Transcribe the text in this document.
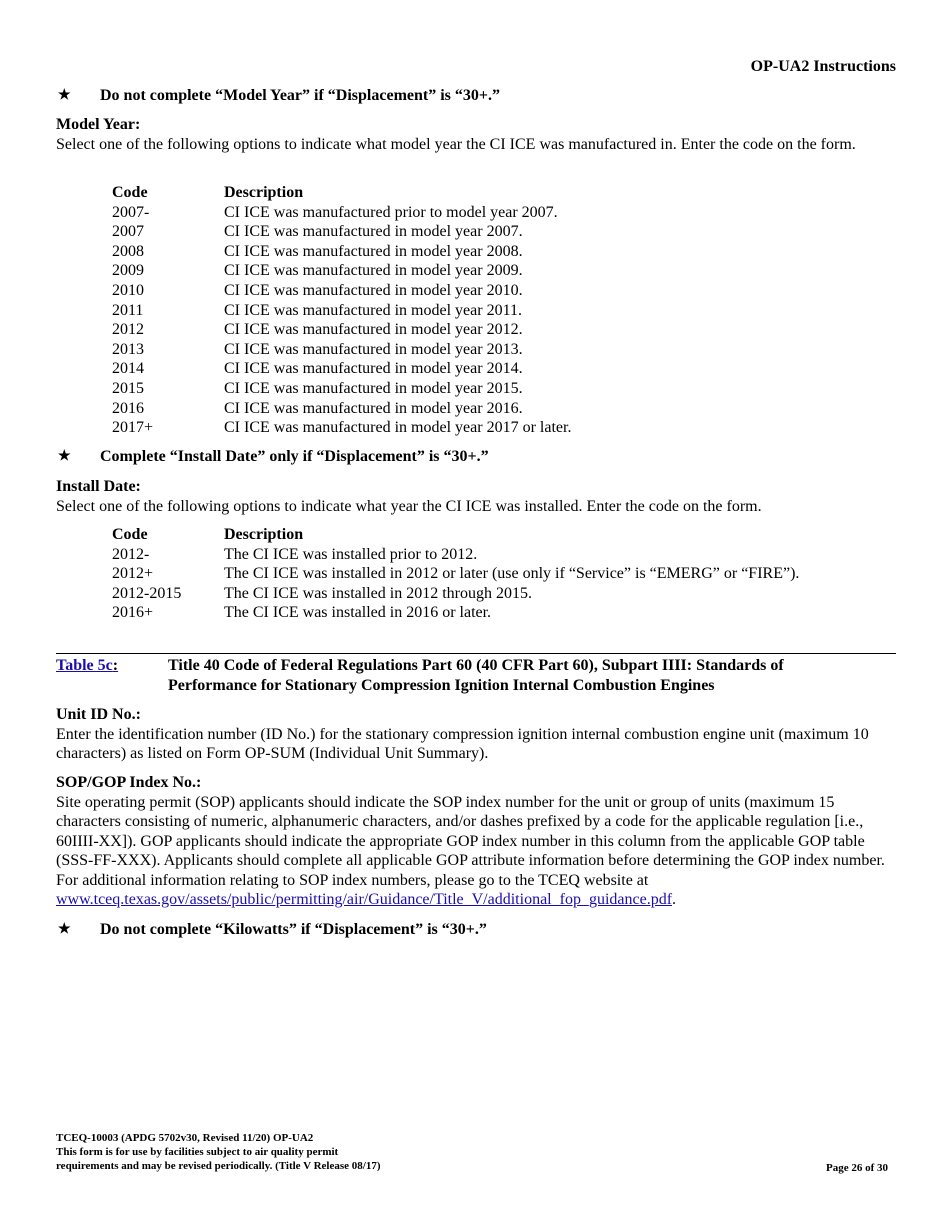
OP-UA2 Instructions
★	Do not complete “Model Year” if “Displacement” is “30+.”
Model Year:
Select one of the following options to indicate what model year the CI ICE was manufactured in. Enter the code on the form.
Code	Description
2007-	CI ICE was manufactured prior to model year 2007.
2007	CI ICE was manufactured in model year 2007.
2008	CI ICE was manufactured in model year 2008.
2009	CI ICE was manufactured in model year 2009.
2010	CI ICE was manufactured in model year 2010.
2011	CI ICE was manufactured in model year 2011.
2012	CI ICE was manufactured in model year 2012.
2013	CI ICE was manufactured in model year 2013.
2014	CI ICE was manufactured in model year 2014.
2015	CI ICE was manufactured in model year 2015.
2016	CI ICE was manufactured in model year 2016.
2017+	CI ICE was manufactured in model year 2017 or later.
★	Complete “Install Date” only if “Displacement” is “30+.”
Install Date:
Select one of the following options to indicate what year the CI ICE was installed. Enter the code on the form.
Code	Description
2012-	The CI ICE was installed prior to 2012.
2012+	The CI ICE was installed in 2012 or later (use only if “Service” is “EMERG” or “FIRE”).
2012-2015	The CI ICE was installed in 2012 through 2015.
2016+	The CI ICE was installed in 2016 or later.
Table 5c:	Title 40 Code of Federal Regulations Part 60 (40 CFR Part 60), Subpart IIII: Standards of
Performance for Stationary Compression Ignition Internal Combustion Engines
Unit ID No.:
Enter the identification number (ID No.) for the stationary compression ignition internal combustion engine unit (maximum 10 characters) as listed on Form OP-SUM (Individual Unit Summary).
SOP/GOP Index No.:
Site operating permit (SOP) applicants should indicate the SOP index number for the unit or group of units (maximum 15 characters consisting of numeric, alphanumeric characters, and/or dashes prefixed by a code for the applicable regulation [i.e., 60IIII-XX]). GOP applicants should indicate the appropriate GOP index number in this column from the applicable GOP table (SSS-FF-XXX). Applicants should complete all applicable GOP attribute information before determining the GOP index number. For additional information relating to SOP index numbers, please go to the TCEQ website at www.tceq.texas.gov/assets/public/permitting/air/Guidance/Title_V/additional_fop_guidance.pdf.
★	Do not complete “Kilowatts” if “Displacement” is “30+.”
TCEQ-10003 (APDG 5702v30, Revised 11/20) OP-UA2
This form is for use by facilities subject to air quality permit
requirements and may be revised periodically. (Title V Release 08/17)	Page 26 of 30
